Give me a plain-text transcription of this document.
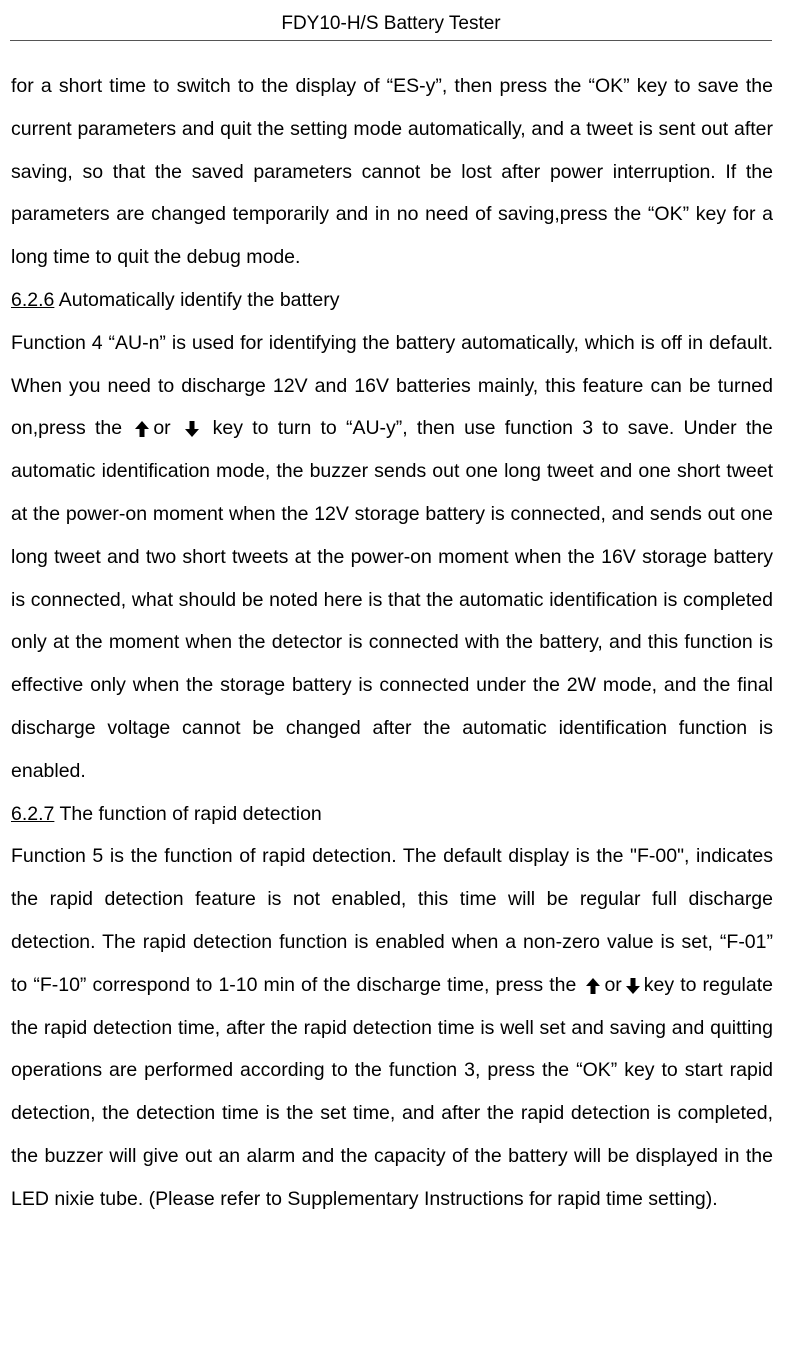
FDY10-H/S Battery Tester

for a short time to switch to the display of “ES-y”, then press the “OK” key to save the current parameters and quit the setting mode automatically, and a tweet is sent out after saving, so that the saved parameters cannot be lost after power interruption. If the parameters are changed temporarily and in no need of saving,press the “OK” key for a long time to quit the debug mode.

6.2.6 Automatically identify the battery

Function 4 “AU-n” is used for identifying the battery automatically, which is off in default. When you need to discharge 12V and 16V batteries mainly, this feature can be turned on,press the or key to turn to “AU-y”, then use function 3 to save. Under the automatic identification mode, the buzzer sends out one long tweet and one short tweet at the power-on moment when the 12V storage battery is connected, and sends out one long tweet and two short tweets at the power-on moment when the 16V storage battery is connected, what should be noted here is that the automatic identification is completed only at the moment when the detector is connected with the battery, and this function is effective only when the storage battery is connected under the 2W mode, and the final discharge voltage cannot be changed after the automatic identification function is enabled.

6.2.7 The function of rapid detection

Function 5 is the function of rapid detection. The default display is the "F-00", indicates the rapid detection feature is not enabled, this time will be regular full discharge detection. The rapid detection function is enabled when a non-zero value is set, “F-01” to “F-10” correspond to 1-10 min of the discharge time, press the or key to regulate the rapid detection time, after the rapid detection time is well set and saving and quitting operations are performed according to the function 3, press the “OK” key to start rapid detection, the detection time is the set time, and after the rapid detection is completed, the buzzer will give out an alarm and the capacity of the battery will be displayed in the LED nixie tube. (Please refer to Supplementary Instructions for rapid time setting).
